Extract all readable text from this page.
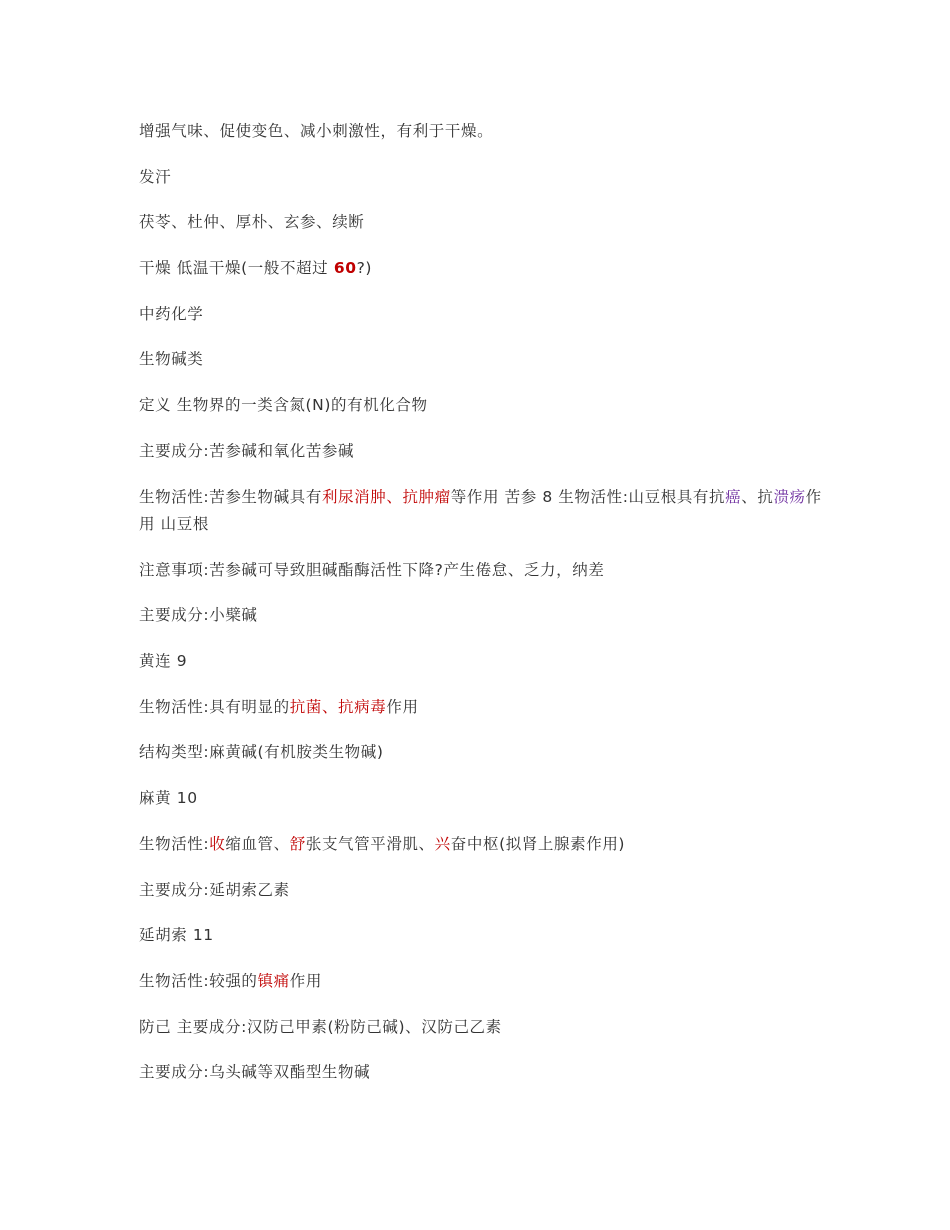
增强气味、促使变色、减小刺激性，有利于干燥。

发汗

茯苓、杜仲、厚朴、玄参、续断

干燥 低温干燥(一般不超过 60?)

中药化学

生物碱类

定义 生物界的一类含氮(N)的有机化合物

主要成分:苦参碱和氧化苦参碱

生物活性:苦参生物碱具有利尿消肿、抗肿瘤等作用 苦参 8 生物活性:山豆根具有抗癌、抗溃疡作用 山豆根

注意事项:苦参碱可导致胆碱酯酶活性下降?产生倦怠、乏力，纳差

主要成分:小檗碱

黄连 9

生物活性:具有明显的抗菌、抗病毒作用

结构类型:麻黄碱(有机胺类生物碱)

麻黄 10

生物活性:收缩血管、舒张支气管平滑肌、兴奋中枢(拟肾上腺素作用)

主要成分:延胡索乙素

延胡索 11

生物活性:较强的镇痛作用

防己 主要成分:汉防己甲素(粉防己碱)、汉防己乙素

主要成分:乌头碱等双酯型生物碱
